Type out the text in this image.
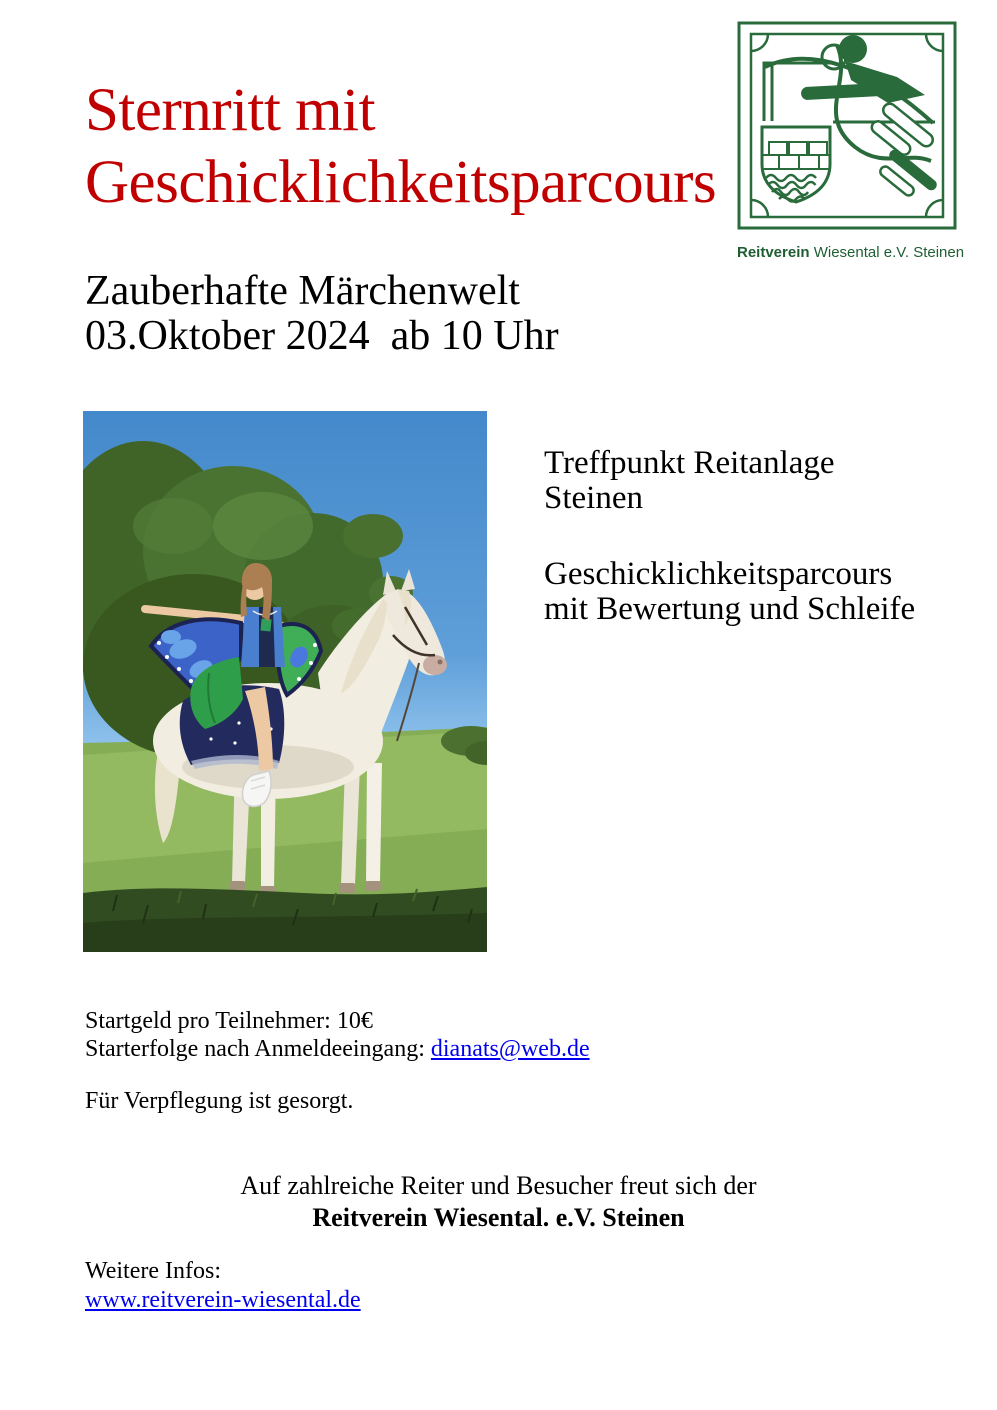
Sternritt mit
Geschicklichkeitsparcours
Reitverein Wiesental e.V. Steinen
Zauberhafte Märchenwelt
03.Oktober 2024  ab 10 Uhr
Treffpunkt Reitanlage
Steinen
Geschicklichkeitsparcours
mit Bewertung und Schleife
Startgeld pro Teilnehmer: 10€
Starterfolge nach Anmeldeeingang: dianats@web.de
Für Verpflegung ist gesorgt.
Auf zahlreiche Reiter und Besucher freut sich der
Reitverein Wiesental. e.V. Steinen
Weitere Infos:
www.reitverein-wiesental.de
